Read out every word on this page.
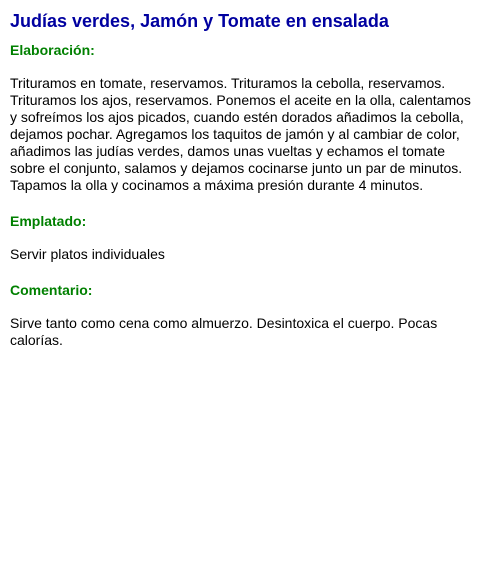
Judías verdes, Jamón y Tomate en ensalada
Elaboración:

Trituramos en tomate, reservamos. Trituramos la cebolla, reservamos. Trituramos los ajos, reservamos. Ponemos el aceite en la olla, calentamos y sofreímos los ajos picados, cuando estén dorados añadimos la cebolla, dejamos pochar. Agregamos los taquitos de jamón y al cambiar de color, añadimos las judías verdes, damos unas vueltas y echamos el tomate sobre el conjunto, salamos y dejamos cocinarse junto un par de minutos. Tapamos la olla y cocinamos a máxima presión durante 4 minutos.

Emplatado:

Servir platos individuales

Comentario:

Sirve tanto como cena como almuerzo. Desintoxica el cuerpo. Pocas calorías.
